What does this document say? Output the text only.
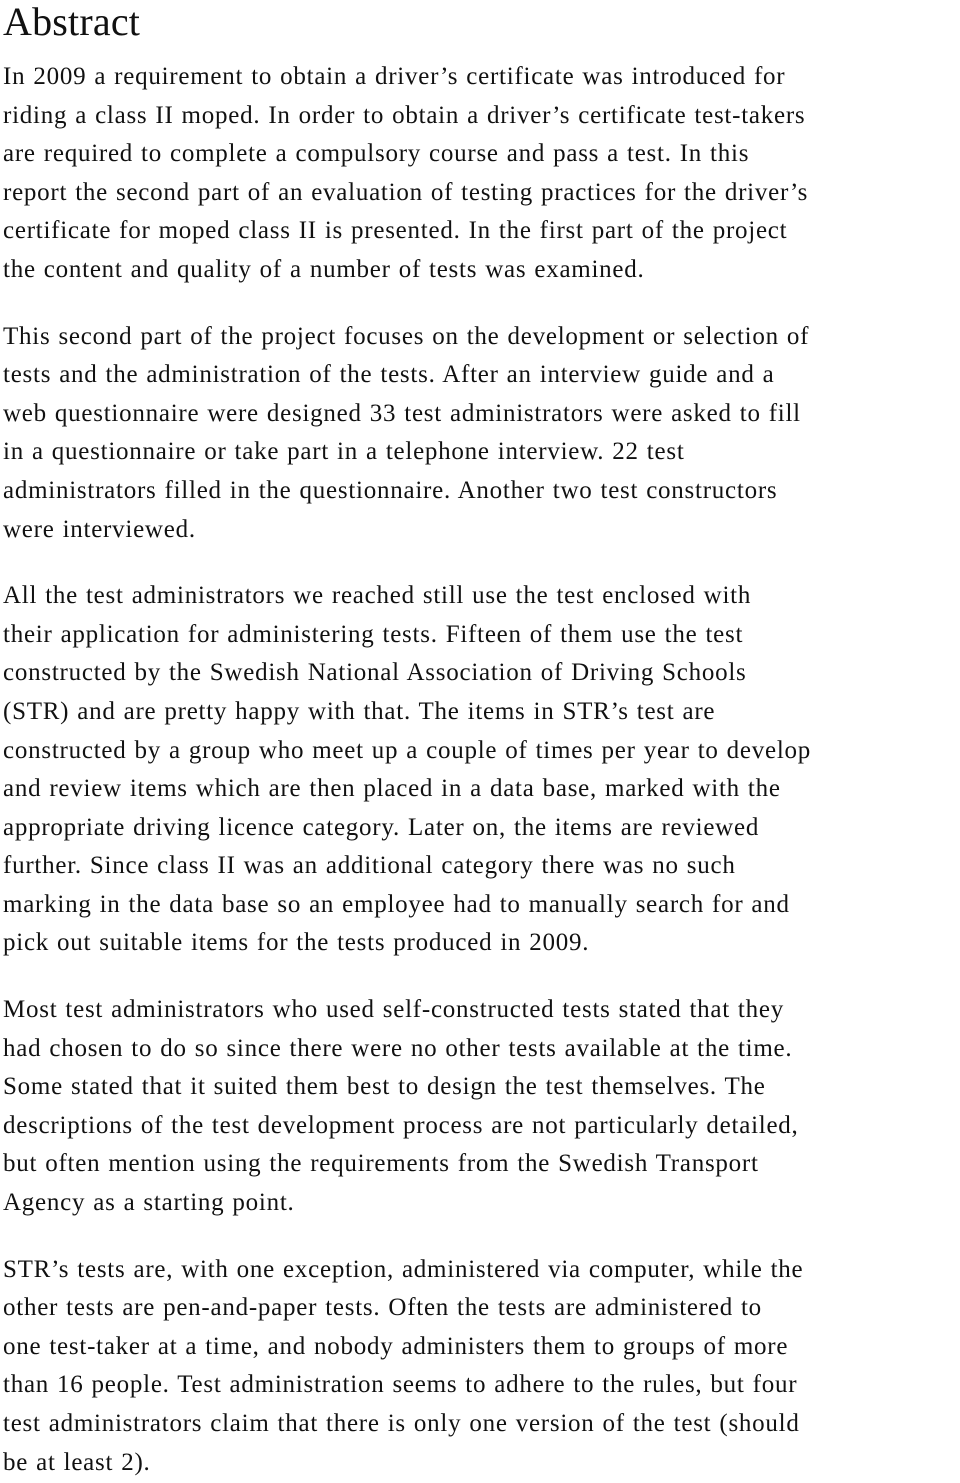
Abstract

In 2009 a requirement to obtain a driver’s certificate was introduced for
riding a class II moped. In order to obtain a driver’s certificate test-takers
are required to complete a compulsory course and pass a test. In this
report the second part of an evaluation of testing practices for the driver’s
certificate for moped class II is presented. In the first part of the project
the content and quality of a number of tests was examined.

This second part of the project focuses on the development or selection of
tests and the administration of the tests. After an interview guide and a
web questionnaire were designed 33 test administrators were asked to fill
in a questionnaire or take part in a telephone interview. 22 test
administrators filled in the questionnaire. Another two test constructors
were interviewed.

All the test administrators we reached still use the test enclosed with
their application for administering tests. Fifteen of them use the test
constructed by the Swedish National Association of Driving Schools
(STR) and are pretty happy with that. The items in STR’s test are
constructed by a group who meet up a couple of times per year to develop
and review items which are then placed in a data base, marked with the
appropriate driving licence category. Later on, the items are reviewed
further. Since class II was an additional category there was no such
marking in the data base so an employee had to manually search for and
pick out suitable items for the tests produced in 2009.

Most test administrators who used self-constructed tests stated that they
had chosen to do so since there were no other tests available at the time.
Some stated that it suited them best to design the test themselves. The
descriptions of the test development process are not particularly detailed,
but often mention using the requirements from the Swedish Transport
Agency as a starting point.

STR’s tests are, with one exception, administered via computer, while the
other tests are pen-and-paper tests. Often the tests are administered to
one test-taker at a time, and nobody administers them to groups of more
than 16 people. Test administration seems to adhere to the rules, but four
test administrators claim that there is only one version of the test (should
be at least 2).
